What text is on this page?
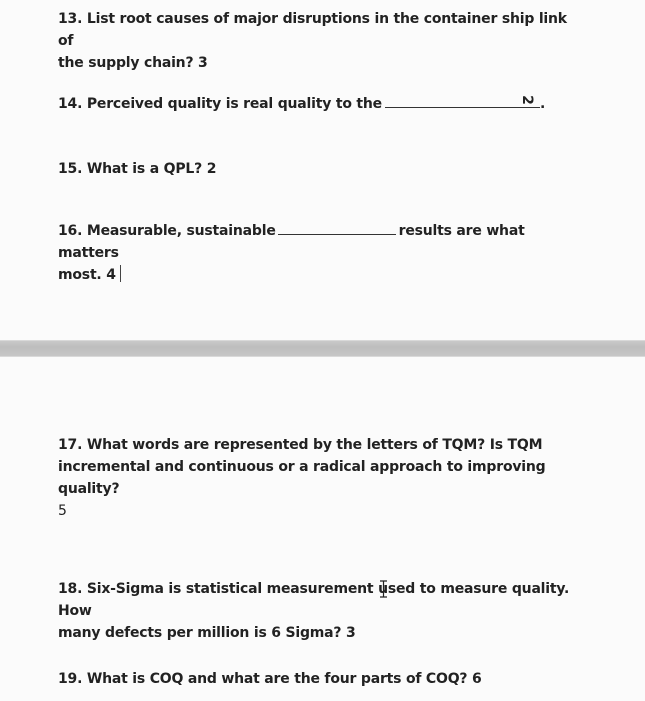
13. List root causes of major disruptions in the container ship link of
the supply chain? 3
14. Perceived quality is real quality to the	.
2
15. What is a QPL? 2
16. Measurable, sustainable	results are what matters
most. 4
17. What words are represented by the letters of TQM? Is TQM
incremental and continuous or a radical approach to improving quality?
5
18. Six-Sigma is statistical measurement used to measure quality. How
many defects per million is 6 Sigma? 3
19. What is COQ and what are the four parts of COQ? 6
